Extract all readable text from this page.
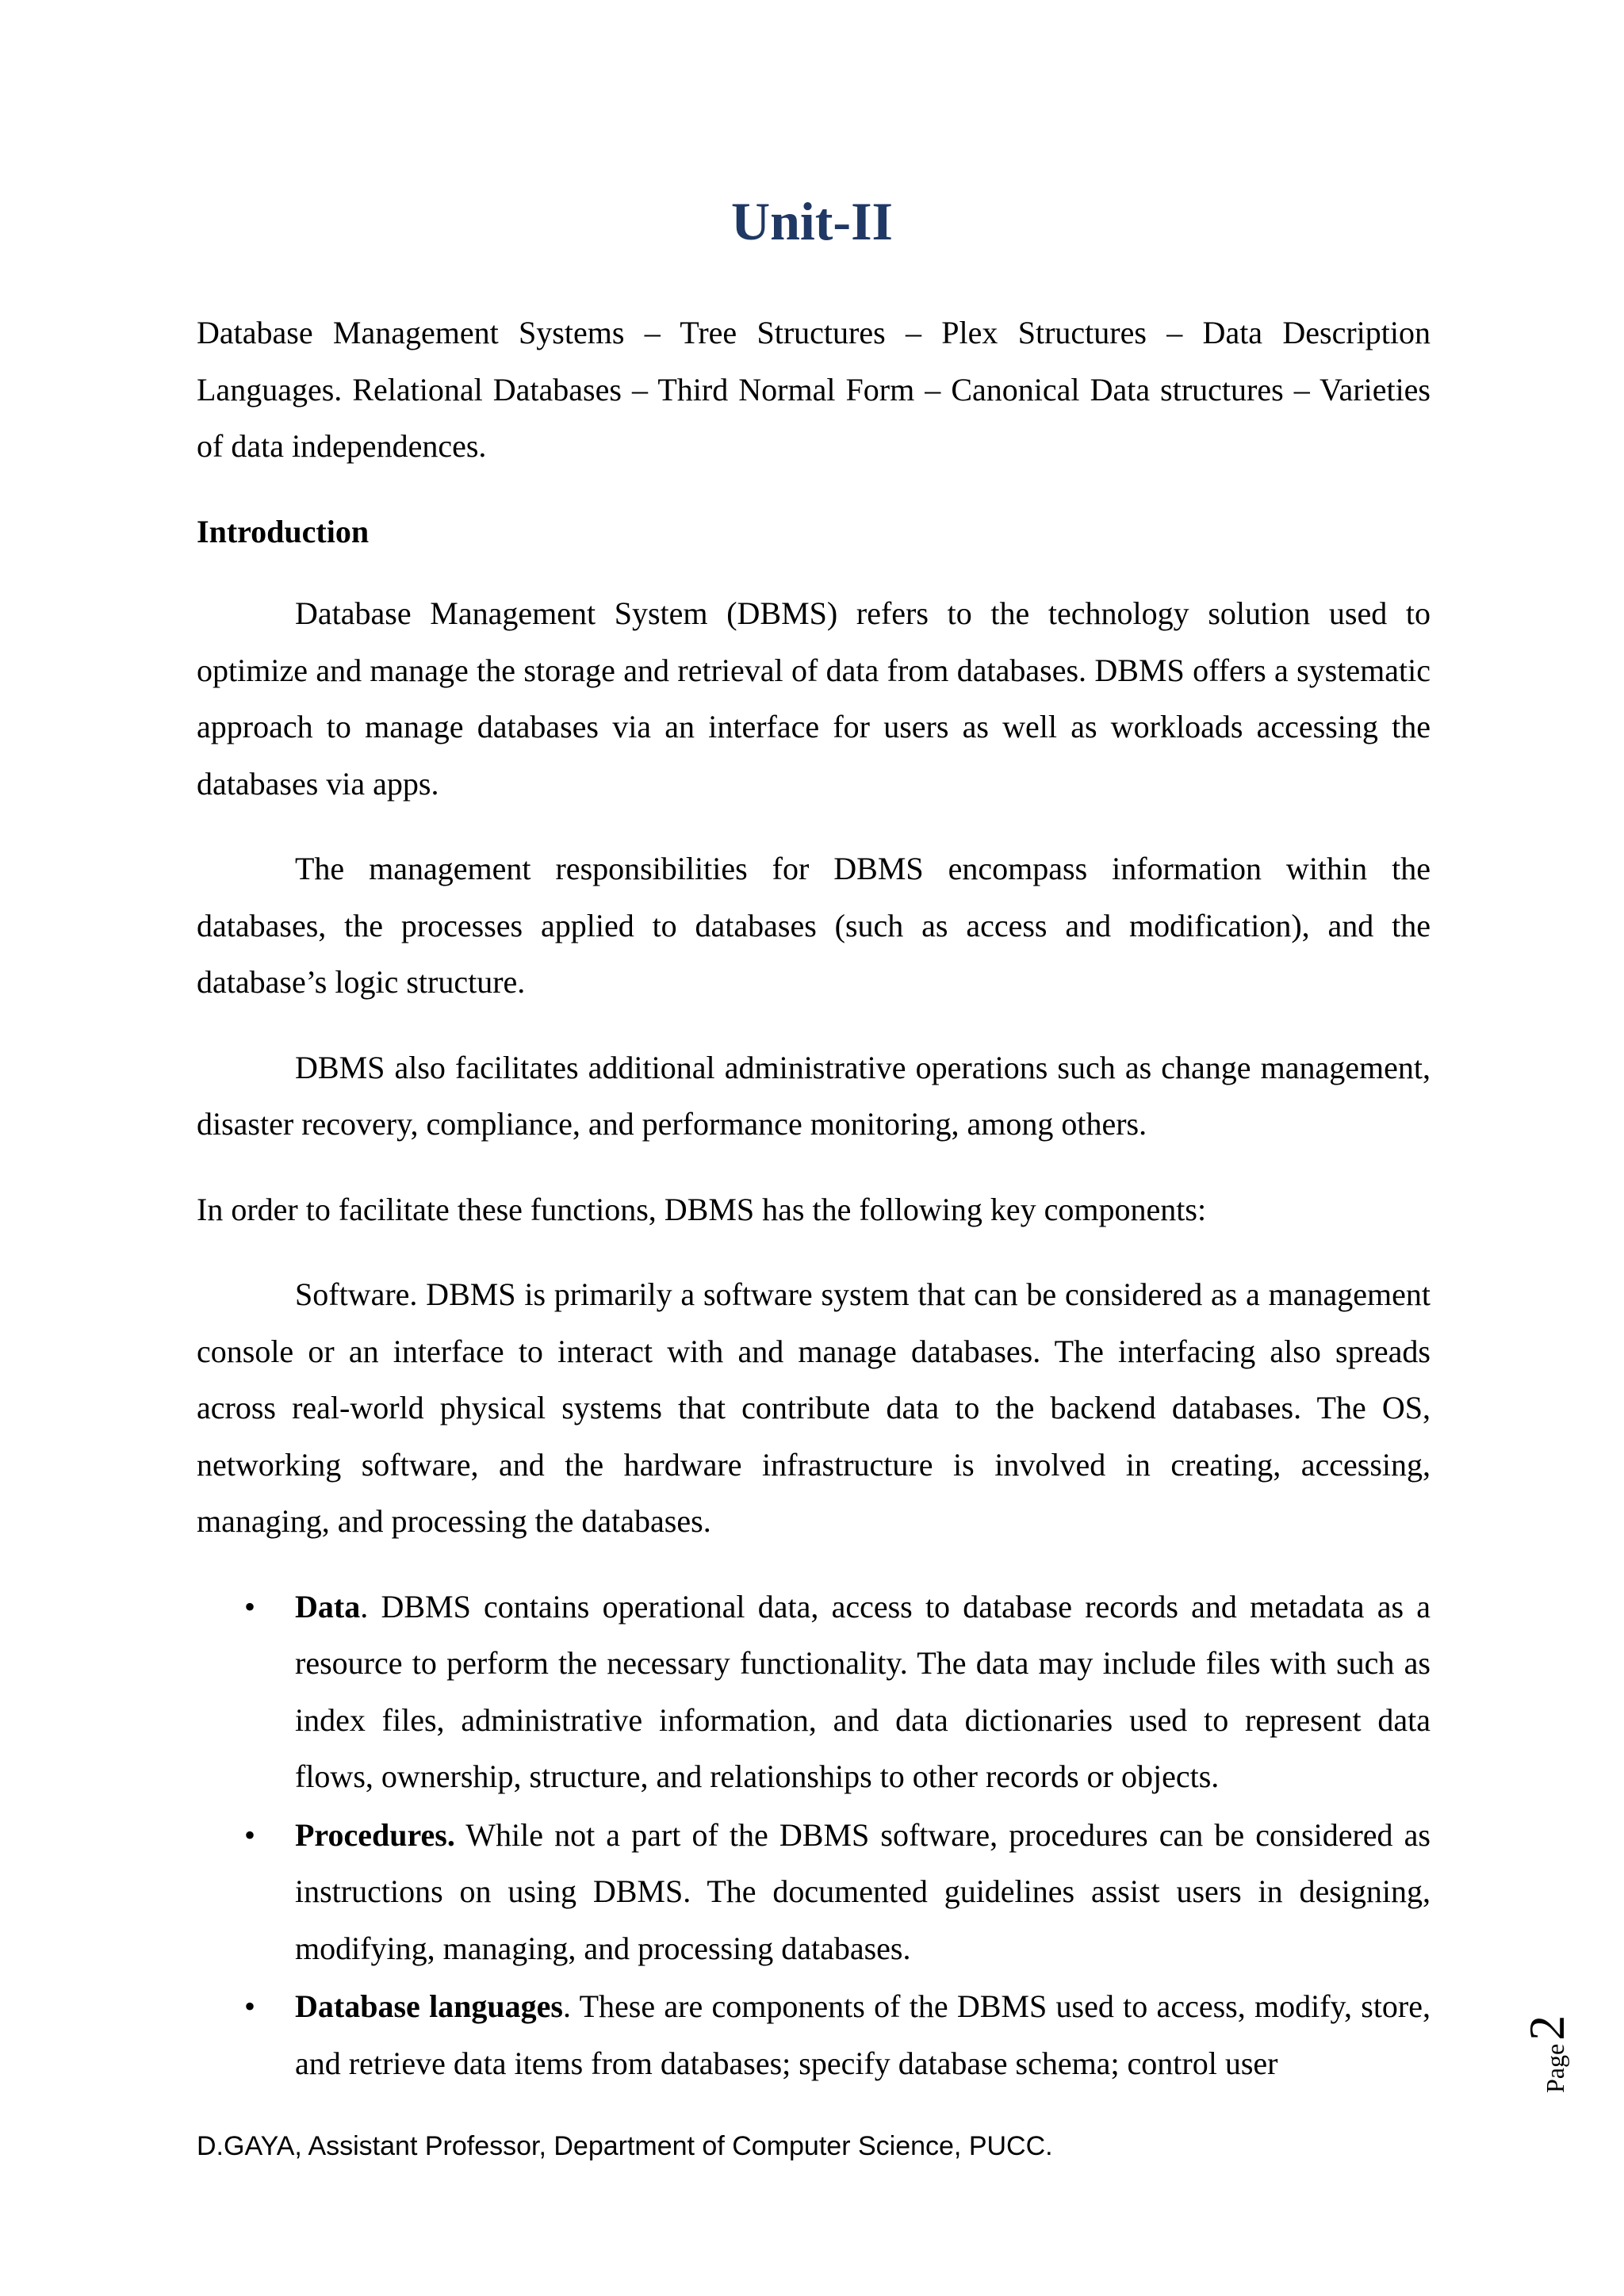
Unit-II

Database Management Systems – Tree Structures – Plex Structures – Data Description Languages. Relational Databases – Third Normal Form – Canonical Data structures – Varieties of data independences.

Introduction

Database Management System (DBMS) refers to the technology solution used to optimize and manage the storage and retrieval of data from databases. DBMS offers a systematic approach to manage databases via an interface for users as well as workloads accessing the databases via apps.

The management responsibilities for DBMS encompass information within the databases, the processes applied to databases (such as access and modification), and the database’s logic structure.

DBMS also facilitates additional administrative operations such as change management, disaster recovery, compliance, and performance monitoring, among others.

In order to facilitate these functions, DBMS has the following key components:

Software. DBMS is primarily a software system that can be considered as a management console or an interface to interact with and manage databases. The interfacing also spreads across real-world physical systems that contribute data to the backend databases. The OS, networking software, and the hardware infrastructure is involved in creating, accessing, managing, and processing the databases.

• Data. DBMS contains operational data, access to database records and metadata as a resource to perform the necessary functionality. The data may include files with such as index files, administrative information, and data dictionaries used to represent data flows, ownership, structure, and relationships to other records or objects.
• Procedures. While not a part of the DBMS software, procedures can be considered as instructions on using DBMS. The documented guidelines assist users in designing, modifying, managing, and processing databases.
• Database languages. These are components of the DBMS used to access, modify, store, and retrieve data items from databases; specify database schema; control user	Page2

D.GAYA, Assistant Professor, Department of Computer Science, PUCC.
